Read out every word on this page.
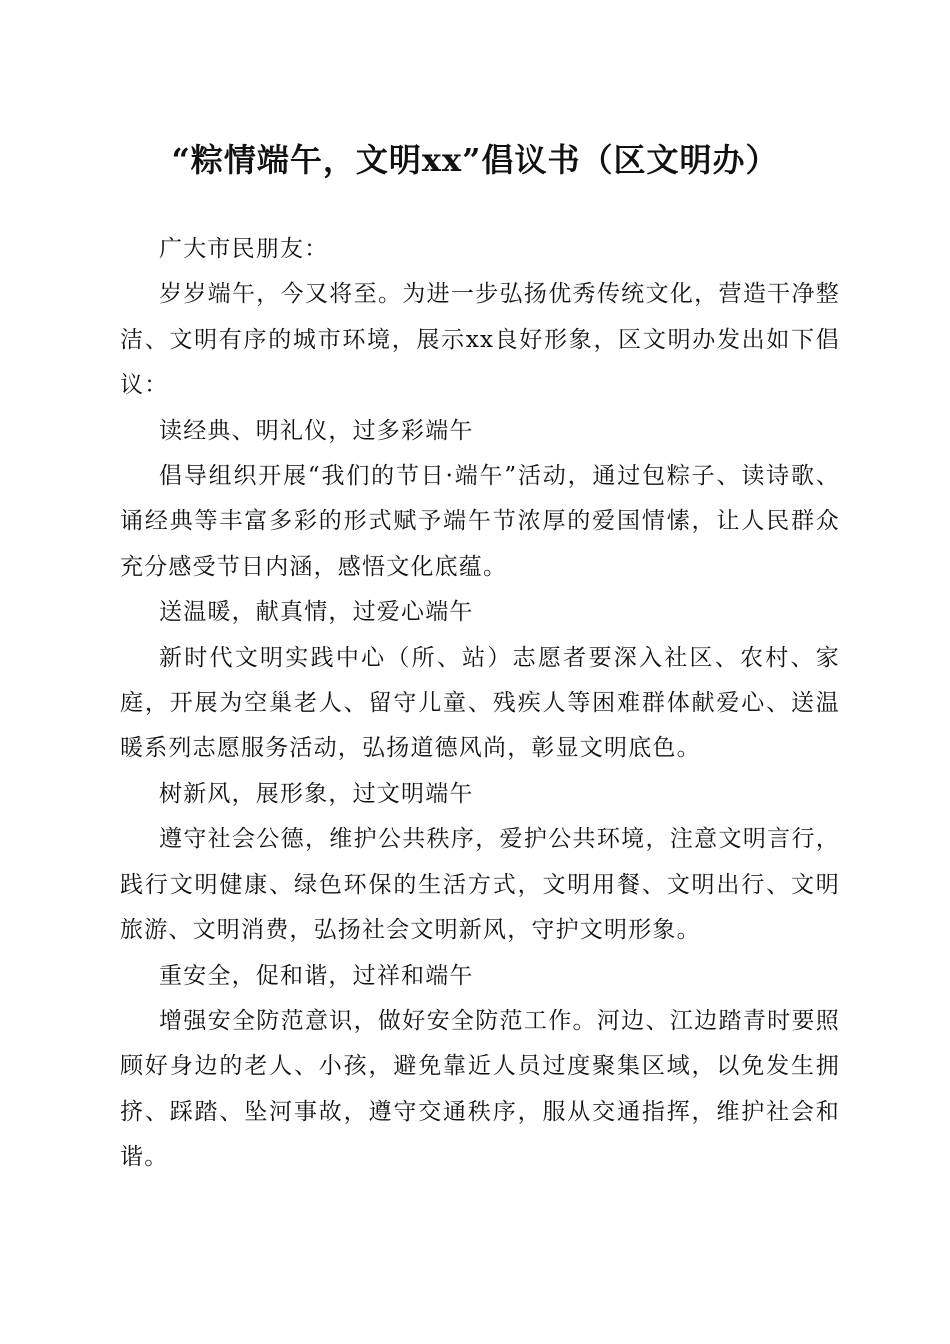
“粽情端午，文明xx”倡议书（区文明办）

广大市民朋友：

岁岁端午，今又将至。为进一步弘扬优秀传统文化，营造干净整洁、文明有序的城市环境，展示xx良好形象，区文明办发出如下倡议：

读经典、明礼仪，过多彩端午

倡导组织开展“我们的节日·端午”活动，通过包粽子、读诗歌、诵经典等丰富多彩的形式赋予端午节浓厚的爱国情愫，让人民群众充分感受节日内涵，感悟文化底蕴。

送温暖，献真情，过爱心端午

新时代文明实践中心（所、站）志愿者要深入社区、农村、家庭，开展为空巢老人、留守儿童、残疾人等困难群体献爱心、送温暖系列志愿服务活动，弘扬道德风尚，彰显文明底色。

树新风，展形象，过文明端午

遵守社会公德，维护公共秩序，爱护公共环境，注意文明言行，践行文明健康、绿色环保的生活方式，文明用餐、文明出行、文明旅游、文明消费，弘扬社会文明新风，守护文明形象。

重安全，促和谐，过祥和端午

增强安全防范意识，做好安全防范工作。河边、江边踏青时要照顾好身边的老人、小孩，避免靠近人员过度聚集区域，以免发生拥挤、踩踏、坠河事故，遵守交通秩序，服从交通指挥，维护社会和谐。
